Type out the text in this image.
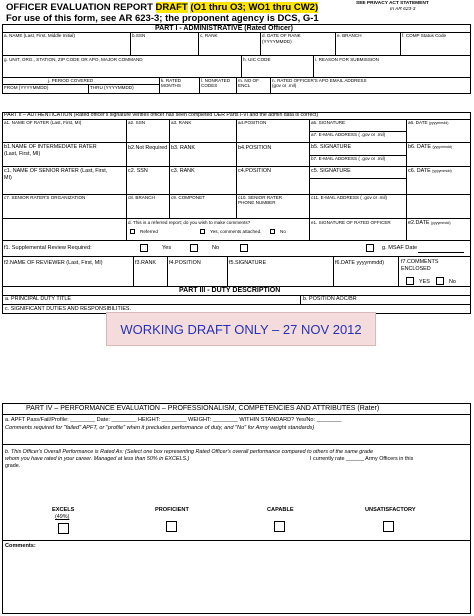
OFFICER EVALUATION REPORT DRAFT (O1 thru O3; WO1 thru CW2)	SEE PRIVACY ACT STATEMENT
In AR 623-3
For use of this form, see AR 623-3; the proponent agency is DCS, G-1
PART I - ADMINISTRATIVE (Rated Officer)
a. NAME (Last, First, Middle Initial)	b.SSN	c. RANK	d. DATE OF RANK
(YYYYMMDD)
e. BRANCH	f. COMP Status Code
g. UNIT, ORG., STATION, ZIP CODE OR APO, MAJOR COMMAND	h. UIC CODE	i. REASON FOR SUBMISSION
j. PERIOD COVERED
FROM (YYYYMMDD)	THRU (YYYYMMDD)
k. RATED
MONTHS
l. NONRATED
CODES
m. NO OF
ENCL
n. RATED OFFICER'S APO EMAIL ADDRESS
(gov or .mil)
PART II – AUTHENTICATION (Rated officer's signature verifies officer has seen completed OER Parts I-VI and the admin data is correct)
a1. NAME OF RATER (Last, First, MI)	a2. SSN	a3. RANK	a4.POSITION	a5. SIGNATURE	a6. DATE (yyyymmdd)
a7. E-MAIL ADDRESS ( .gov or .mil)
b1.NAME OF INTERMEDIATE RATER
(Last, First, MI)
b2.Not Required b3. RANK	b4.POSITION	b5. SIGNATURE	b6. DATE (yyyymmdd)
b7. E-MAIL ADDRESS ( .gov or .mil)
c1. NAME OF SENIOR RATER (Last, First,
MI)
c2. SSN	c3. RANK	c4.POSITION	c5. SIGNATURE	c6. DATE (yyyymmdd)
c7. SENIOR RATER'S ORGANIZATION	c8. BRANCH	c9. COMPONET	c10. SENIOR RATER
PHONE NUMBER
c11. E-MAIL ADDRESS ( .gov or .mil)
d. This is a referred report; do you wish to make comments?
Referred	Yes, comments attached.	No
e1. SIGNATURE OF RATED OFFICER	e2.DATE (yyyymmdd)
f1. Supplemental Review Required:	Yes	No	g. MSAF Date
f2.NAME OF REVIEWER (Last, First, MI)	f3.RANK f4.POSITION	f5.SIGNATURE	f6.DATE yyyymmdd)	f7.COMMENTS
ENCLOSED
YES	No
PART III - DUTY DESCRIPTION
a. PRINCIPAL DUTY TITLE	b. POSITION AOC/BR
c. SIGNIFICANT DUTIES AND RESPONSIBILITIES.
WORKING DRAFT ONLY – 27 NOV 2012
PART IV – PERFORMANCE EVALUATION – PROFESSIONALISM, COMPETENCIES AND ATTRIBUTES (Rater)
a. APFT Pass/Fail/Profile: ________ Date: ________ HEIGHT: ________ WEIGHT: ________ WITHIN STANDARD? Yes/No: ________
Comments required for "failed" APFT, or "profile" when it precludes performance of duty, and "No" for Army weight standards)
b. This Officer's Overall Performance is Rated As: (Select one box representing Rated Officer's overall performance compared to others of the same grade
whom you have rated in your career. Managed at less than 50% in EXCELS.)	I currently rate ______ Army Officers in this
grade.
EXCELS
(49%)
PROFICIENT	CAPABLE	UNSATISFACTORY
Comments:
